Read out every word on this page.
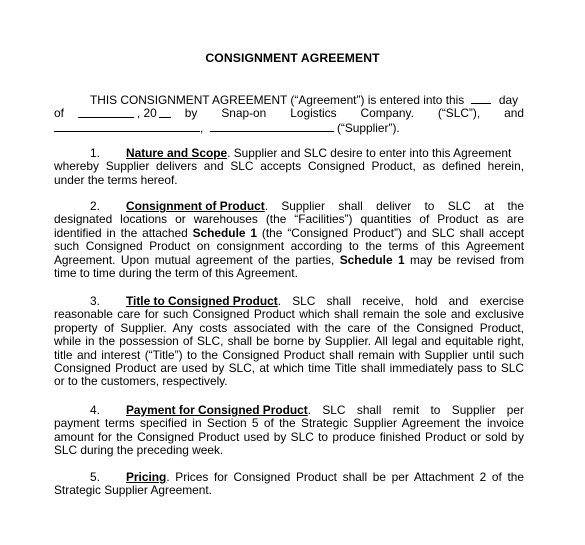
CONSIGNMENT AGREEMENT
THIS CONSIGNMENT AGREEMENT (“Agreement”) is entered into this	day
of	, 20 by Snap-on Logistics Company. (“SLC”), and
,	(“Supplier”).
1. Nature and Scope. Supplier and SLC desire to enter into this Agreement
whereby Supplier delivers and SLC accepts Consigned Product, as defined herein,
under the terms hereof.
2.	Consignment of Product . Supplier shall deliver to SLC at the
designated locations or warehouses (the “Facilities”) quantities of Product as are
identified in the attached Schedule 1 (the “Consigned Product”) and SLC shall accept
such Consigned Product on consignment according to the terms of this Agreement
Agreement. Upon mutual agreement of the parties, Schedule 1 may be revised from
time to time during the term of this Agreement.
3.	Title to Consigned Product . SLC shall receive, hold and exercise
reasonable care for such Consigned Product which shall remain the sole and exclusive
property of Supplier. Any costs associated with the care of the Consigned Product,
while in the possession of SLC, shall be borne by Supplier. All legal and equitable right,
title and interest (“Title”) to the Consigned Product shall remain with Supplier until such
Consigned Product are used by SLC, at which time Title shall immediately pass to SLC
or to the customers, respectively.
4.	Payment for Consigned Product . SLC shall remit to Supplier per
payment terms specified in Section 5 of the Strategic Supplier Agreement the invoice
amount for the Consigned Product used by SLC to produce finished Product or sold by
SLC during the preceding week.
5.	Pricing . Prices for Consigned Product shall be per Attachment 2 of the
Strategic Supplier Agreement.
